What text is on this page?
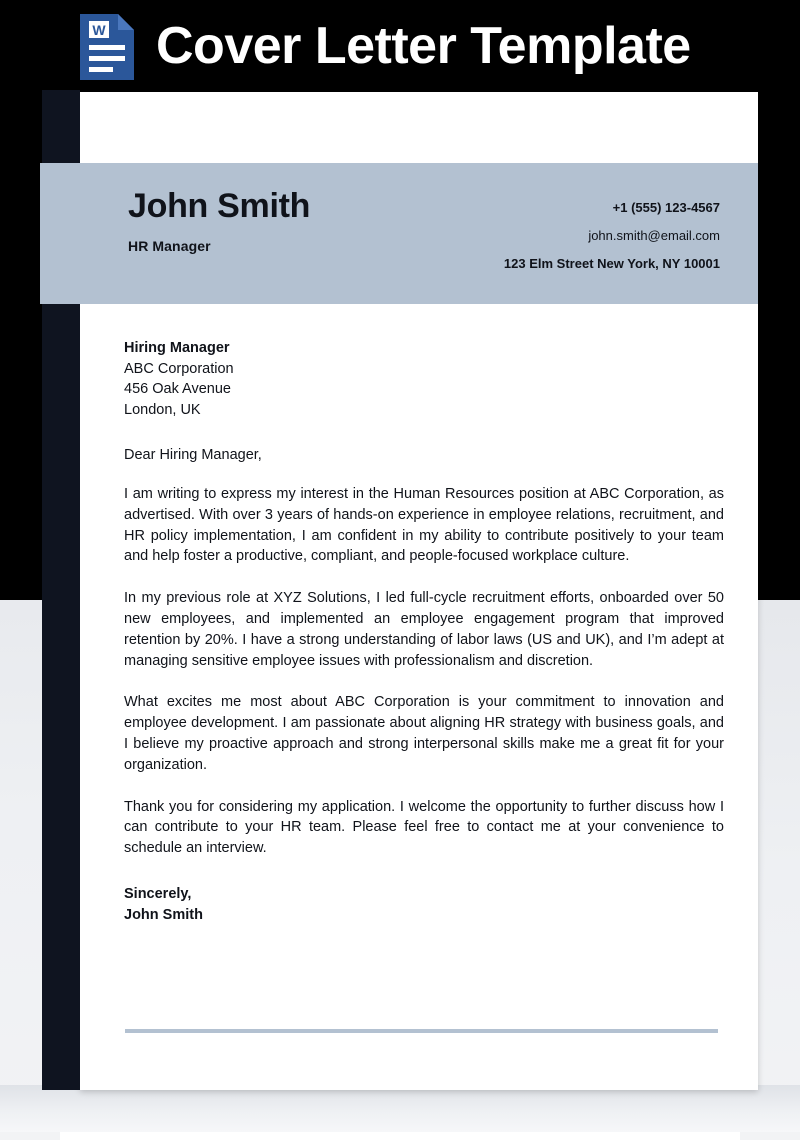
W Cover Letter Template
John Smith
HR Manager
+1 (555) 123-4567
john.smith@email.com
123 Elm Street New York, NY 10001
Hiring Manager
ABC Corporation
456 Oak Avenue
London, UK
Dear Hiring Manager,

I am writing to express my interest in the Human Resources position at ABC Corporation, as advertised. With over 3 years of hands-on experience in employee relations, recruitment, and HR policy implementation, I am confident in my ability to contribute positively to your team and help foster a productive, compliant, and people-focused workplace culture.

In my previous role at XYZ Solutions, I led full-cycle recruitment efforts, onboarded over 50 new employees, and implemented an employee engagement program that improved retention by 20%. I have a strong understanding of labor laws (US and UK), and I’m adept at managing sensitive employee issues with professionalism and discretion.

What excites me most about ABC Corporation is your commitment to innovation and employee development. I am passionate about aligning HR strategy with business goals, and I believe my proactive approach and strong interpersonal skills make me a great fit for your organization.

Thank you for considering my application. I welcome the opportunity to further discuss how I can contribute to your HR team. Please feel free to contact me at your convenience to schedule an interview.

Sincerely,
John Smith
